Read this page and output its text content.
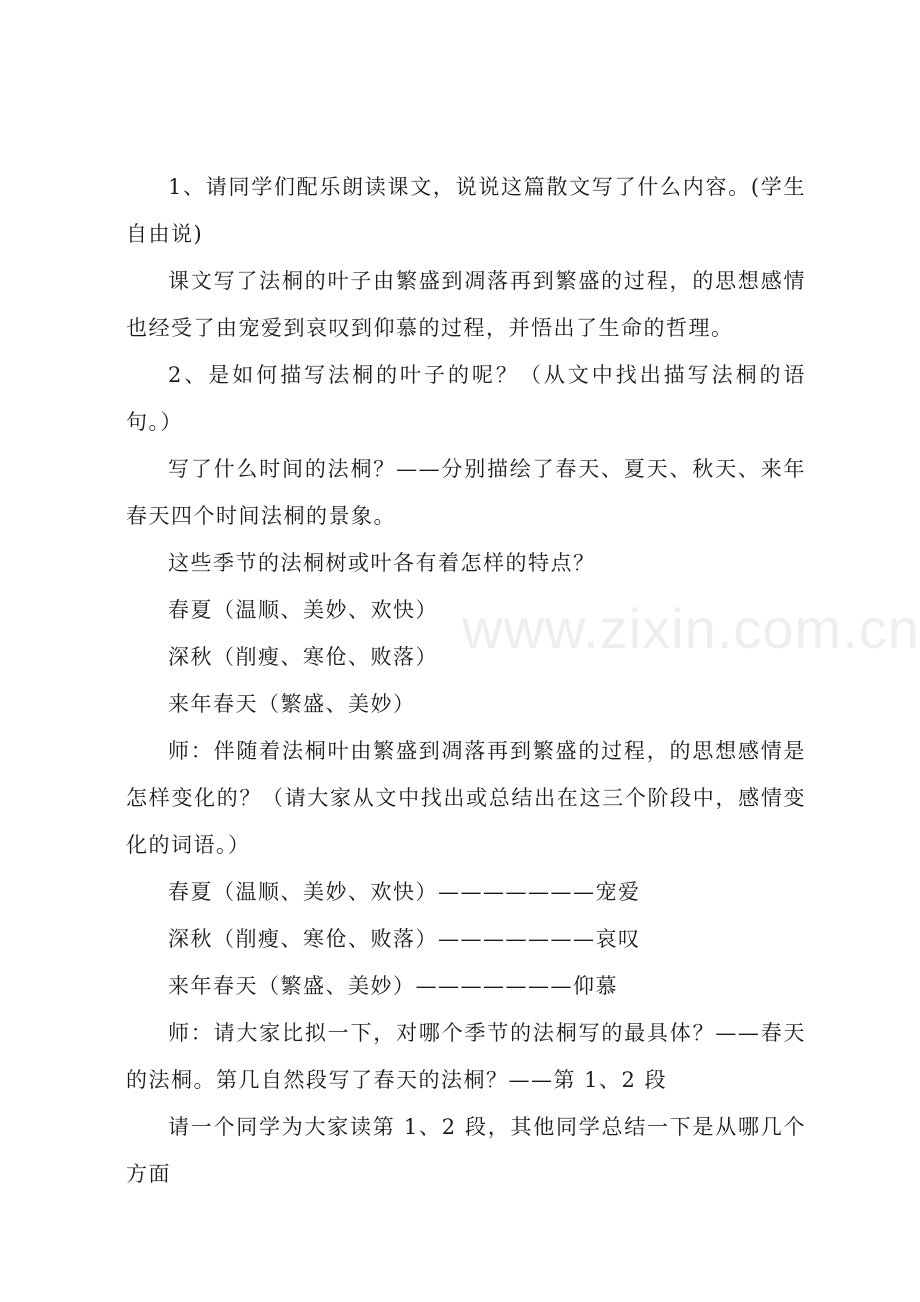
1、请同学们配乐朗读课文，说说这篇散文写了什么内容。(学生自由说)

课文写了法桐的叶子由繁盛到凋落再到繁盛的过程，的思想感情也经受了由宠爱到哀叹到仰慕的过程，并悟出了生命的哲理。

2、是如何描写法桐的叶子的呢？（从文中找出描写法桐的语句。）

写了什么时间的法桐？——分别描绘了春天、夏天、秋天、来年春天四个时间法桐的景象。

这些季节的法桐树或叶各有着怎样的特点？

春夏（温顺、美妙、欢快）

深秋（削瘦、寒伧、败落）

来年春天（繁盛、美妙）

师：伴随着法桐叶由繁盛到凋落再到繁盛的过程，的思想感情是怎样变化的？（请大家从文中找出或总结出在这三个阶段中，感情变化的词语。）

春夏（温顺、美妙、欢快）———————宠爱

深秋（削瘦、寒伧、败落）———————哀叹

来年春天（繁盛、美妙）———————仰慕

师：请大家比拟一下，对哪个季节的法桐写的最具体？——春天的法桐。第几自然段写了春天的法桐？——第 1、2 段

请一个同学为大家读第 1、2 段，其他同学总结一下是从哪几个方面

www.zixin.com.cn
